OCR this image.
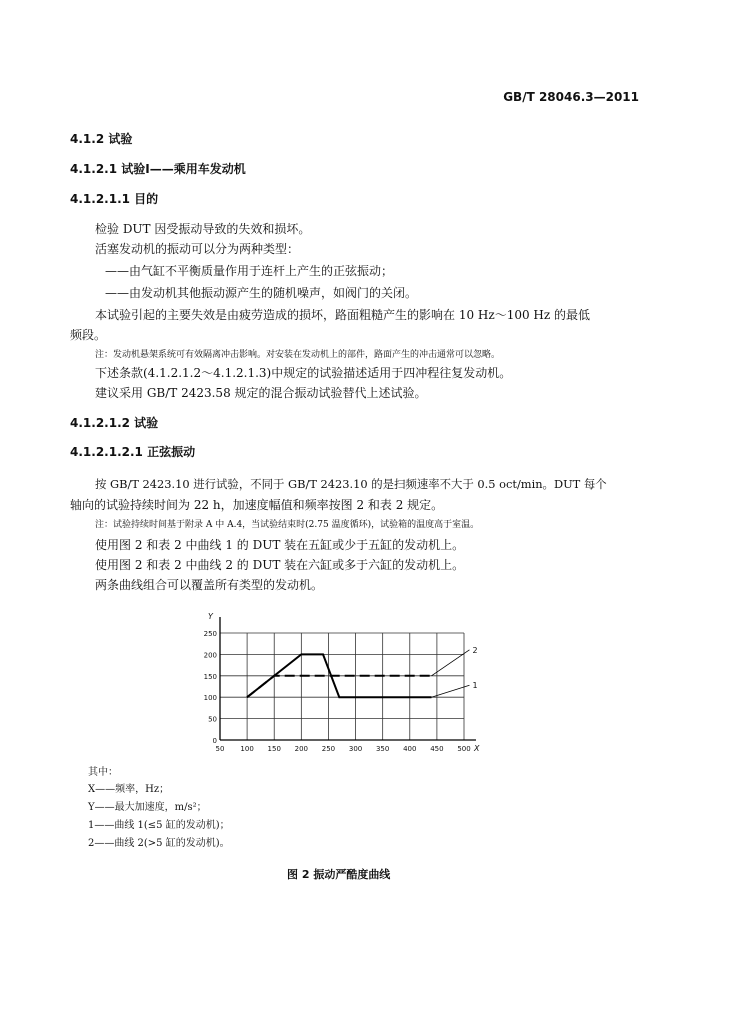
GB/T 28046.3—2011
4.1.2 试验
4.1.2.1 试验Ⅰ——乘用车发动机
4.1.2.1.1 目的
检验 DUT 因受振动导致的失效和损坏。
活塞发动机的振动可以分为两种类型：
——由气缸不平衡质量作用于连杆上产生的正弦振动；
——由发动机其他振动源产生的随机噪声，如阀门的关闭。
本试验引起的主要失效是由疲劳造成的损坏，路面粗糙产生的影响在 10 Hz～100 Hz 的最低
频段。
注：发动机悬架系统可有效隔离冲击影响。对安装在发动机上的部件，路面产生的冲击通常可以忽略。
下述条款(4.1.2.1.2～4.1.2.1.3)中规定的试验描述适用于四冲程往复发动机。
建议采用 GB/T 2423.58 规定的混合振动试验替代上述试验。
4.1.2.1.2 试验
4.1.2.1.2.1 正弦振动
按 GB/T 2423.10 进行试验，不同于 GB/T 2423.10 的是扫频速率不大于 0.5 oct/min。DUT 每个
轴向的试验持续时间为 22 h，加速度幅值和频率按图 2 和表 2 规定。
注：试验持续时间基于附录 A 中 A.4，当试验结束时(2.75 温度循环)，试验箱的温度高于室温。
使用图 2 和表 2 中曲线 1 的 DUT 装在五缸或少于五缸的发动机上。
使用图 2 和表 2 中曲线 2 的 DUT 装在六缸或多于六缸的发动机上。
两条曲线组合可以覆盖所有类型的发动机。
50 100 150 200 250 300 350 400 450 500
0
50
100
150
200
250
X
Y
1
2
其中：
X——频率，Hz；
Y——最大加速度，m/s²；
1——曲线 1(≤5 缸的发动机)；
2——曲线 2(>5 缸的发动机)。
图 2 振动严酷度曲线
